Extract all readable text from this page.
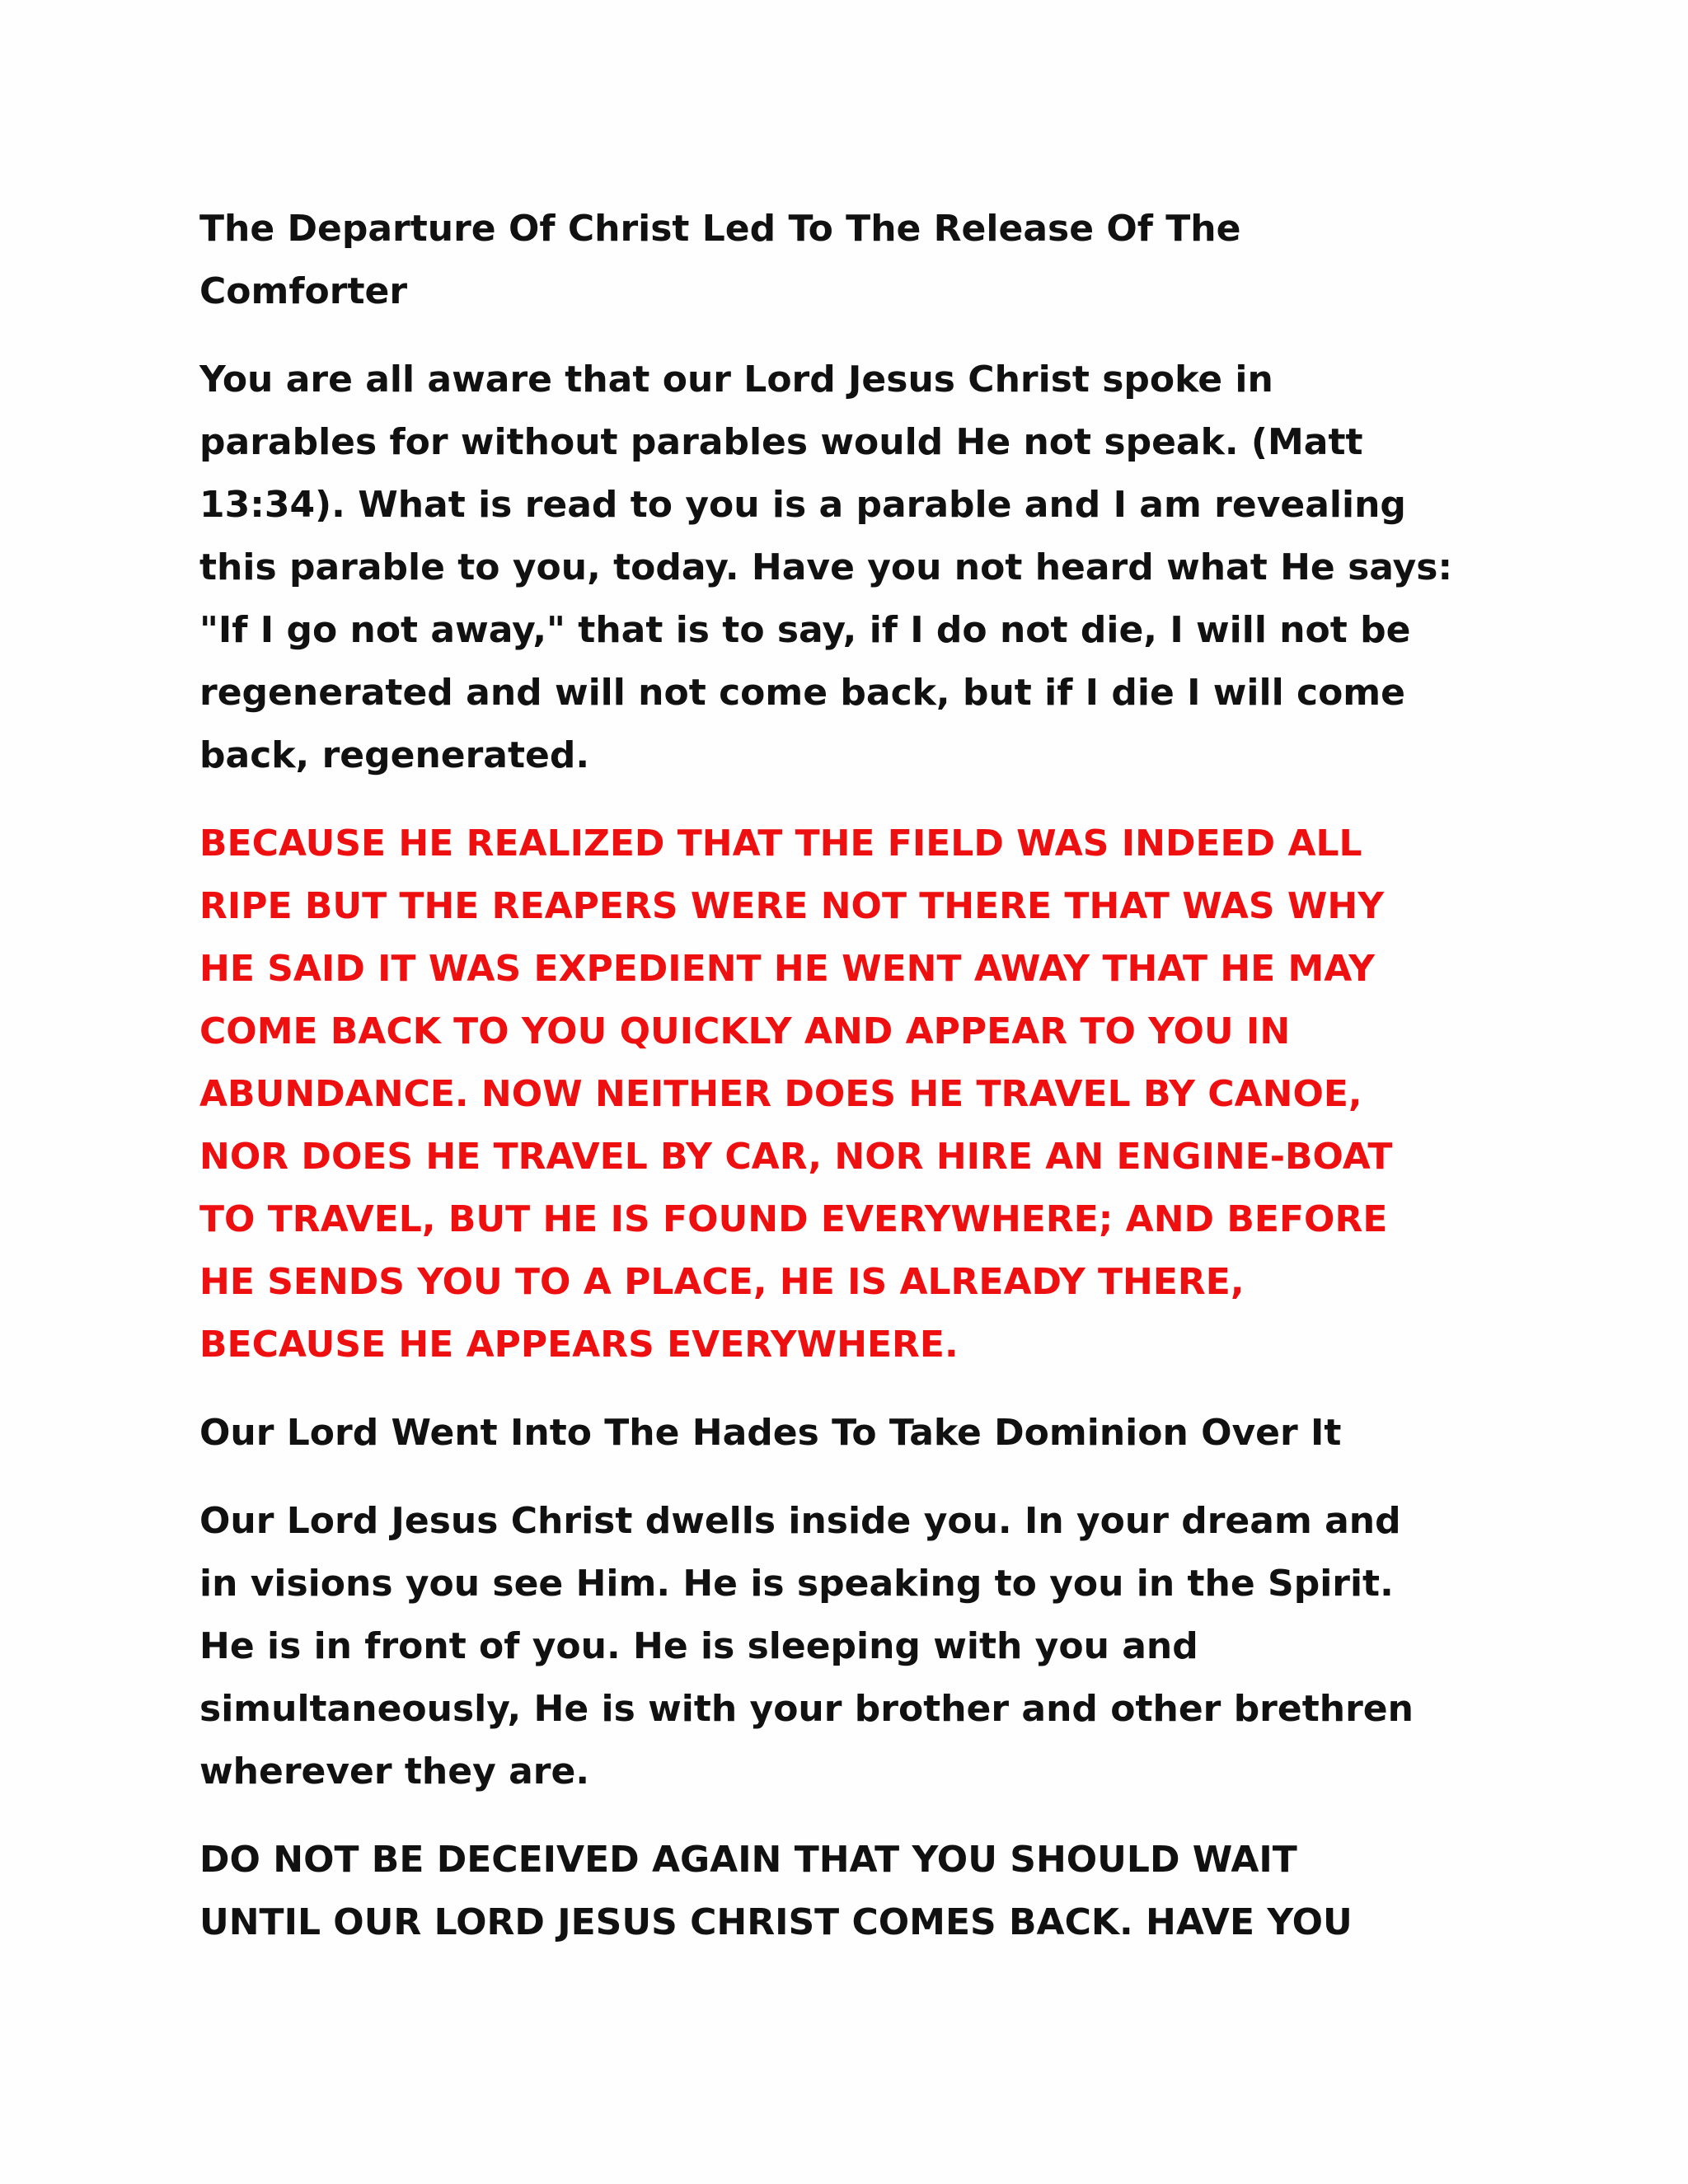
The Departure Of Christ Led To The Release Of The
Comforter

You are all aware that our Lord Jesus Christ spoke in
parables for without parables would He not speak. (Matt
13:34). What is read to you is a parable and I am revealing
this parable to you, today. Have you not heard what He says:
"If I go not away," that is to say, if I do not die, I will not be
regenerated and will not come back, but if I die I will come
back, regenerated.

BECAUSE HE REALIZED THAT THE FIELD WAS INDEED ALL
RIPE BUT THE REAPERS WERE NOT THERE THAT WAS WHY
HE SAID IT WAS EXPEDIENT HE WENT AWAY THAT HE MAY
COME BACK TO YOU QUICKLY AND APPEAR TO YOU IN
ABUNDANCE. NOW NEITHER DOES HE TRAVEL BY CANOE,
NOR DOES HE TRAVEL BY CAR, NOR HIRE AN ENGINE-BOAT
TO TRAVEL, BUT HE IS FOUND EVERYWHERE; AND BEFORE
HE SENDS YOU TO A PLACE, HE IS ALREADY THERE,
BECAUSE HE APPEARS EVERYWHERE.

Our Lord Went Into The Hades To Take Dominion Over It

Our Lord Jesus Christ dwells inside you. In your dream and
in visions you see Him. He is speaking to you in the Spirit.
He is in front of you. He is sleeping with you and
simultaneously, He is with your brother and other brethren
wherever they are.

DO NOT BE DECEIVED AGAIN THAT YOU SHOULD WAIT
UNTIL OUR LORD JESUS CHRIST COMES BACK. HAVE YOU
